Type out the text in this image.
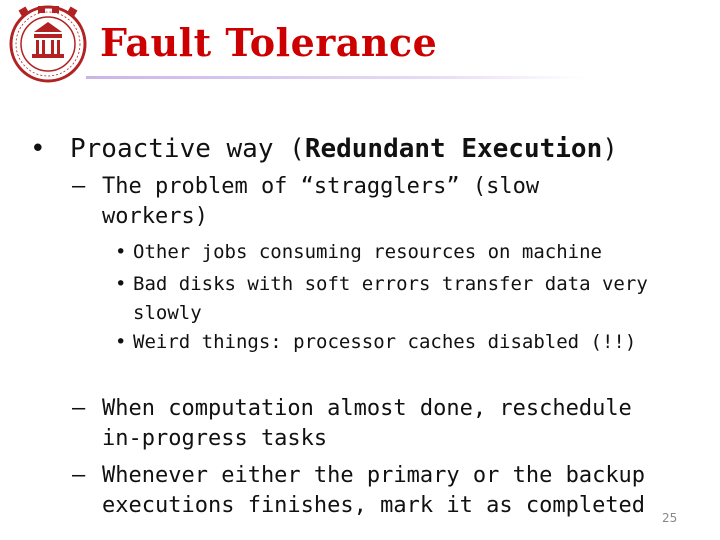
Fault Tolerance
• Proactive way (Redundant Execution)
– The problem of “stragglers” (slow workers)
• Other jobs consuming resources on machine
• Bad disks with soft errors transfer data very slowly
• Weird things: processor caches disabled (!!)
– When computation almost done, reschedule in-progress tasks
– Whenever either the primary or the backup executions finishes, mark it as completed	25
